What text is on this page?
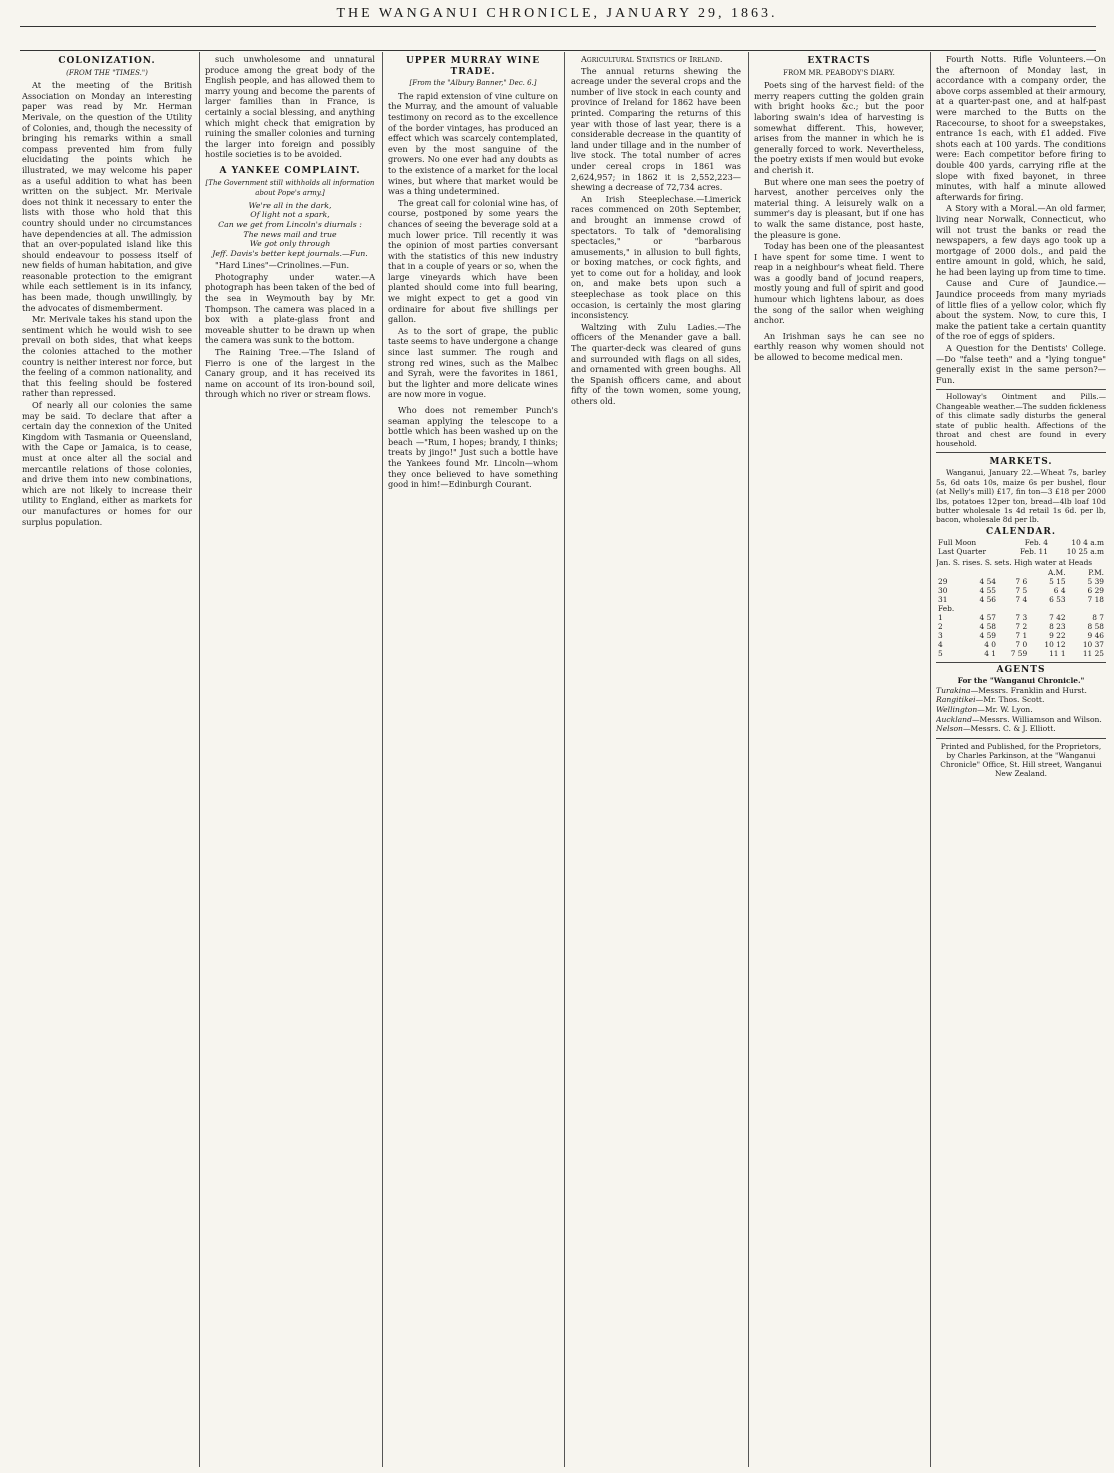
THE WANGANUI CHRONICLE, JANUARY 29, 1863.
COLONIZATION.
(FROM THE "TIMES.")

At the meeting of the British Association on Monday an interesting paper was read by Mr. Herman Merivale, on the question of the Utility of Colonies, and, though the necessity of bringing his remarks within a small compass prevented him from fully elucidating the points which he illustrated, we may welcome his paper as a useful addition to what has been written on the subject. Mr. Merivale does not think it necessary to enter the lists with those who hold that this country should under no circumstances have dependencies at all. The admission that an over-populated island like this should endeavour to possess itself of new fields of human habitation, and give reasonable protection to the emigrant while each settlement is in its infancy, has been made, though unwillingly, by the advocates of dismemberment.

Mr. Merivale takes his stand upon the sentiment which he would wish to see prevail on both sides, that what keeps the colonies attached to the mother country is neither interest nor force, but the feeling of a common nationality, and that this feeling should be fostered rather than repressed.

Of nearly all our colonies the same may be said. To declare that after a certain day the connexion of the United Kingdom with Tasmania or Queensland, with the Cape or Jamaica, is to cease, must at once alter all the social and mercantile relations of those colonies, and drive them into new combinations, which are not likely to increase their utility to England, either as markets for our manufactures or homes for our surplus population.

such unwholesome and unnatural produce among the great body of the English people, and has allowed them to marry young and become the parents of larger families than in France, is certainly a social blessing, and anything which might check that emigration by ruining the smaller colonies and turning the larger into foreign and possibly hostile societies is to be avoided.

A YANKEE COMPLAINT.
[The Government still withholds all information about Pope's army.]
We're all in the dark,
Of light not a spark,
Can we get from Lincoln's diurnals :
The news mail and true
We got only through
Jeff. Davis's better kept journals.—Fun.

"Hard Lines"—Crinolines.—Fun.

Photography under water.—A photograph has been taken of the bed of the sea in Weymouth bay by Mr. Thompson. The camera was placed in a box with a plate-glass front and moveable shutter to be drawn up when the camera was sunk to the bottom.

The Raining Tree.—The Island of Fierro is one of the largest in the Canary group, and it has received its name on account of its iron-bound soil, through which no river or stream flows.

UPPER MURRAY WINE TRADE.
[From the "Albury Banner," Dec. 6.]

The rapid extension of vine culture on the Murray, and the amount of valuable testimony on record as to the excellence of the border vintages, has produced an effect which was scarcely contemplated, even by the most sanguine of the growers. No one ever had any doubts as to the existence of a market for the local wines, but where that market would be was a thing undetermined.

The great call for colonial wine has, of course, postponed by some years the chances of seeing the beverage sold at a much lower price. Till recently it was the opinion of most parties conversant with the statistics of this new industry that in a couple of years or so, when the large vineyards which have been planted should come into full bearing, we might expect to get a good vin ordinaire for about five shillings per gallon.

As to the sort of grape, the public taste seems to have undergone a change since last summer. The rough and strong red wines, such as the Malbec and Syrah, were the favorites in 1861, but the lighter and more delicate wines are now more in vogue.

Who does not remember Punch's seaman applying the telescope to a bottle which has been washed up on the beach —"Rum, I hopes; brandy, I thinks; treats by jingo!" Just such a bottle have the Yankees found Mr. Lincoln—whom they once believed to have something good in him!—Edinburgh Courant.

Agricultural Statistics of Ireland.

The annual returns shewing the acreage under the several crops and the number of live stock in each county and province of Ireland for 1862 have been printed. Comparing the returns of this year with those of last year, there is a considerable decrease in the quantity of land under tillage and in the number of live stock. The total number of acres under cereal crops in 1861 was 2,624,957; in 1862 it is 2,552,223—shewing a decrease of 72,734 acres.

An Irish Steeplechase.—Limerick races commenced on 20th September, and brought an immense crowd of spectators. To talk of "demoralising spectacles," or "barbarous amusements," in allusion to bull fights, or boxing matches, or cock fights, and yet to come out for a holiday, and look on, and make bets upon such a steeplechase as took place on this occasion, is certainly the most glaring inconsistency.

Waltzing with Zulu Ladies.—The officers of the Menander gave a ball. The quarter-deck was cleared of guns and surrounded with flags on all sides, and ornamented with green boughs. All the Spanish officers came, and about fifty of the town women, some young, others old.

EXTRACTS
FROM MR. PEABODY'S DIARY.

Poets sing of the harvest field: of the merry reapers cutting the golden grain with bright hooks &c.; but the poor laboring swain's idea of harvesting is somewhat different. This, however, arises from the manner in which he is generally forced to work. Nevertheless, the poetry exists if men would but evoke and cherish it.

But where one man sees the poetry of harvest, another perceives only the material thing. A leisurely walk on a summer's day is pleasant, but if one has to walk the same distance, post haste, the pleasure is gone.

Today has been one of the pleasantest I have spent for some time. I went to reap in a neighbour's wheat field. There was a goodly band of jocund reapers, mostly young and full of spirit and good humour which lightens labour, as does the song of the sailor when weighing anchor.

An Irishman says he can see no earthly reason why women should not be allowed to become medical men.

Fourth Notts. Rifle Volunteers.—On the afternoon of Monday last, in accordance with a company order, the above corps assembled at their armoury, at a quarter-past one, and at half-past were marched to the Butts on the Racecourse, to shoot for a sweepstakes, entrance 1s each, with £1 added. Five shots each at 100 yards. The conditions were: Each competitor before firing to double 400 yards, carrying rifle at the slope with fixed bayonet, in three minutes, with half a minute allowed afterwards for firing.

A Story with a Moral.—An old farmer, living near Norwalk, Connecticut, who will not trust the banks or read the newspapers, a few days ago took up a mortgage of 2000 dols., and paid the entire amount in gold, which, he said, he had been laying up from time to time.

Cause and Cure of Jaundice.—Jaundice proceeds from many myriads of little flies of a yellow color, which fly about the system. Now, to cure this, I make the patient take a certain quantity of the roe of eggs of spiders.

A Question for the Dentists' College.—Do "false teeth" and a "lying tongue" generally exist in the same person?—Fun.

Holloway's Ointment and Pills.—Changeable weather.—The sudden fickleness of this climate sadly disturbs the general state of public health. Affections of the throat and chest are found in every household.

MARKETS.

Wanganui, January 22.—Wheat 7s, barley 5s, 6d oats 10s, maize 6s per bushel, flour (at Nelly's mill) £17, fin ton—3 £18 per 2000 lbs, potatoes 12per ton, bread—4lb loaf 10d butter wholesale 1s 4d retail 1s 6d. per lb, bacon, wholesale 8d per lb.

CALENDAR.
Full Moon	Feb. 4	10 4 a.m
Last Quarter	Feb. 11	10 25 a.m
Jan. S. rises. S. sets. High water at Heads
			A.M.	P.M.
29	4 54	7 6	5 15	5 39
30	4 55	7 5	6 4	6 29
31	4 56	7 4	6 53	7 18
Feb.				
1	4 57	7 3	7 42	8 7
2	4 58	7 2	8 23	8 58
3	4 59	7 1	9 22	9 46
4	4 0	7 0	10 12	10 37
5	4 1	7 59	11 1	11 25
AGENTS
For the "Wanganui Chronicle."
Turakina—Messrs. Franklin and Hurst.
Rangitikei—Mr. Thos. Scott.
Wellington—Mr. W. Lyon.
Auckland—Messrs. Williamson and Wilson.
Nelson—Messrs. C. & J. Elliott.
Printed and Published, for the Proprietors, by Charles Parkinson, at the "Wanganui Chronicle" Office, St. Hill street, Wanganui New Zealand.
